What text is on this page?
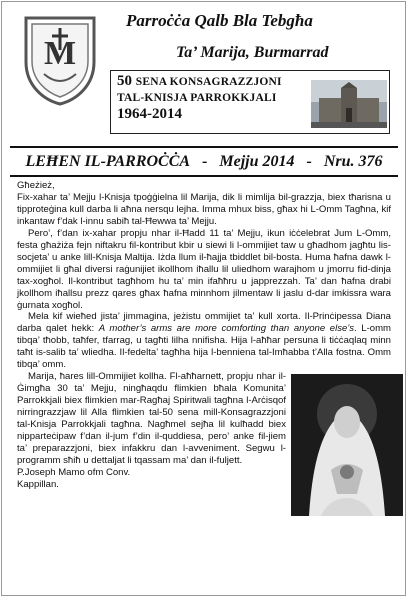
M
Parroċċa Qalb Bla Tebgħa
Ta’ Marija, Burmarrad
50 SENA KONSAGRAZZJONI
TAL-KNISJA PARROKKJALI
1964-2014
LEĦEN IL-PARROĊĊA - Mejju 2014 - Nru. 376

Għeżież,

Fix-xahar ta’ Mejju l-Knisja tpoġġielna lil Marija, dik li mimlija bil-grazzja, biex tħarisna u tipproteġina kull darba li aħna nersqu lejha. Imma mhux biss, għax hi L-Omm Tagħna, kif inkantaw f’dak l-innu sabiħ tal-Ħewwa ta’ Mejju.

Pero’, f’dan ix-xahar propju nhar il-Ħadd 11 ta’ Mejju, ikun iċċelebrat Jum L-Omm, festa għażiża fejn niftakru fil-kontribut kbir u siewi li l-ommijiet taw u għadhom jagħtu lis-socjeta’ u anke lill-Knisja Maltija. Iżda llum il-ħajja tbiddlet bil-bosta. Huma ħafna dawk l-ommijiet li għal diversi raġunijiet ikollhom iħallu lil uliedhom warajhom u jmorru fid-dinja tax-xogħol. Il-kontribut tagħhom hu ta’ min ifaħħru u japprezzah. Ta’ dan ħafna drabi jkollhom iħallsu prezz qares għax ħafna minnhom jilmentaw li jaslu d-dar imkissra wara ġurnata xogħol.

Mela kif wieħed jista’ jimmagina, jeżistu ommijiet ta’ kull xorta. Il-Prinċipessa Diana darba qalet hekk: A mother’s arms are more comforting than anyone else’s. L-omm tibqa’ tħobb, taħfer, tfarrag, u tagħti lilha nnifisha. Hija l-aħħar persuna li tiċċaqlaq minn taħt is-salib ta’ wliedha. Il-fedelta’ tagħha hija l-benniena tal-Imħabba t’Alla fostna. Omm tibqa’ omm.

Marija, ħares lill-Ommijiet kollha. Fl-aħħarnett, propju nhar il-Ġimgħa 30 ta’ Mejju, ningħaqdu flimkien bħala Komunita’ Parrokkjali biex flimkien mar-Ragħaj Spiritwali tagħna l-Arċisqof nirringrazzjaw lil Alla flimkien tal-50 sena mill-Konsagrazzjoni tal-Knisja Parrokkjali tagħna. Nagħmel sejħa lil kulħadd biex nipparteċipaw f’dan il-jum f’din il-quddiesa, pero’ anke fil-jiem ta’ preparazzjoni, biex infakkru dan l-avveniment. Segwu l-programm sħiħ u dettaljat li tqassam ma’ dan il-fuljett.

P.Joseph Mamo ofm Conv.

Kappillan.
